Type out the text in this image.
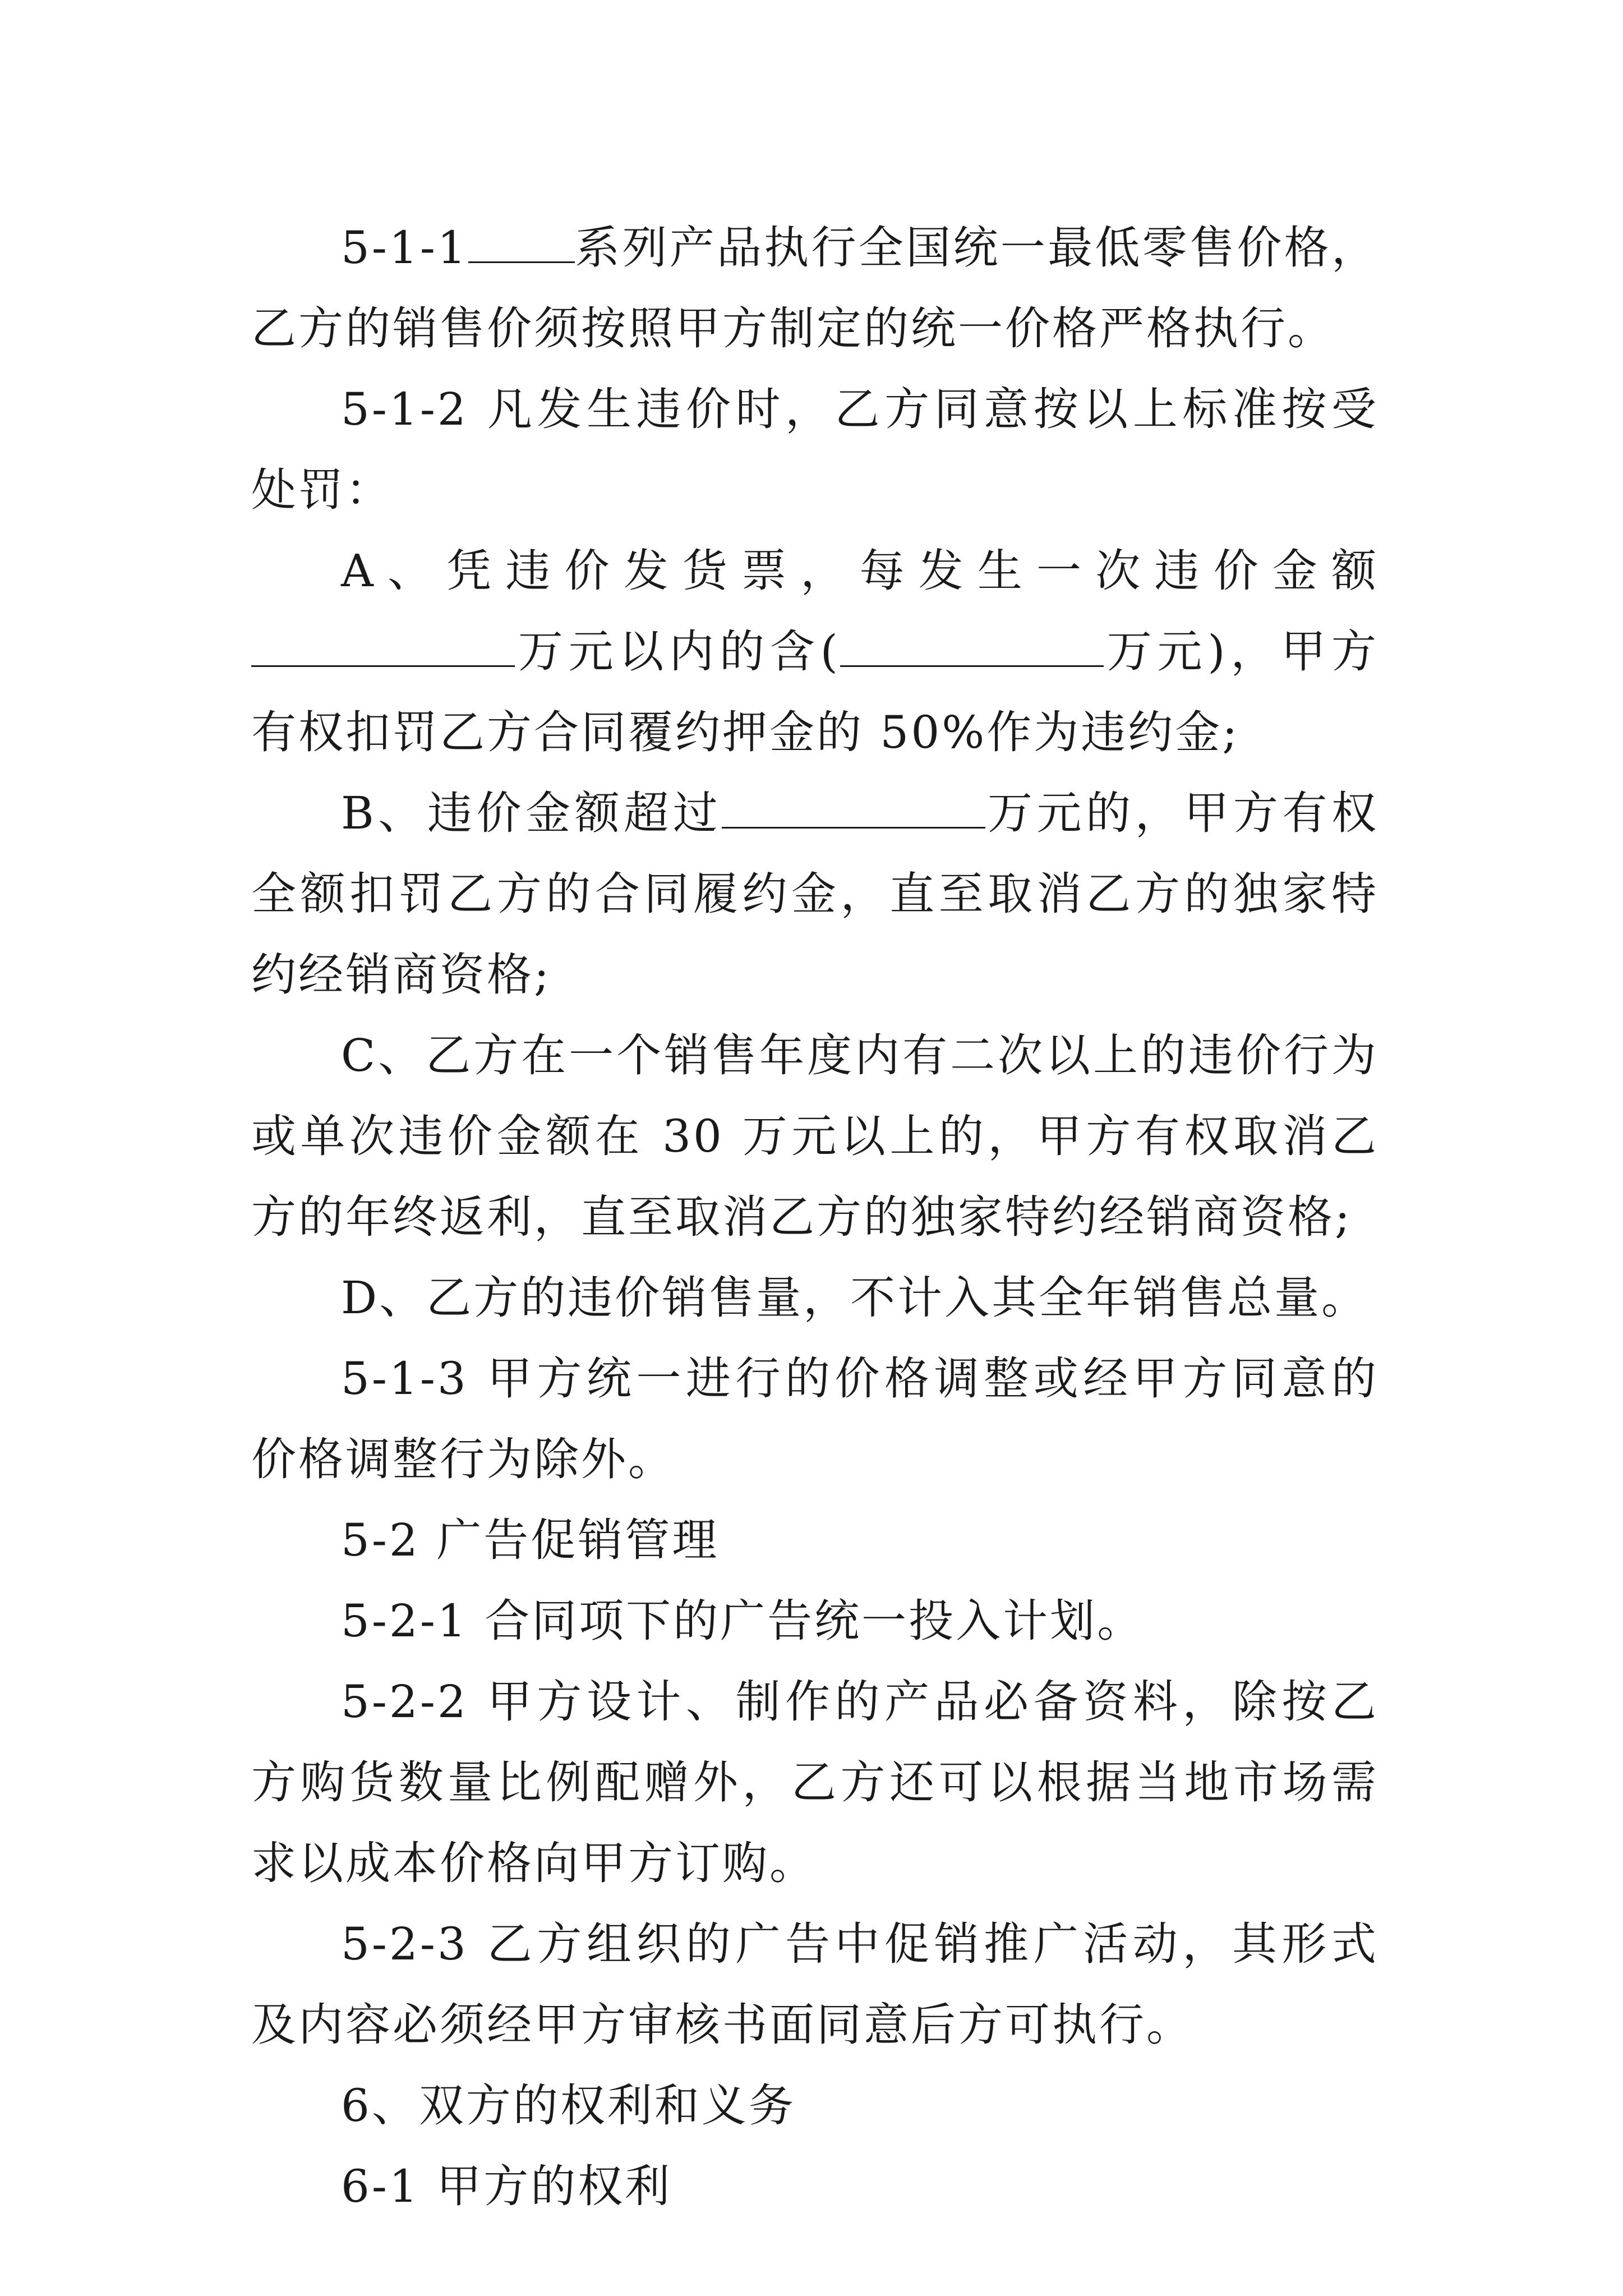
5-1-1 系列产品执行全国统一最低零售价格，乙方的销售价须按照甲方制定的统一价格严格执行。

5-1-2 凡发生违价时，乙方同意按以上标准按受处罚：

A、凭违价发货票，每发生一次违价金额万元以内的含(	万元)，甲方有权扣罚乙方合同覆约押金的 50%作为违约金;

B、违价金额超过	万元的，甲方有权全额扣罚乙方的合同履约金，直至取消乙方的独家特约经销商资格;

C、乙方在一个销售年度内有二次以上的违价行为或单次违价金额在 30 万元以上的，甲方有权取消乙方的年终返利，直至取消乙方的独家特约经销商资格;

D、乙方的违价销售量，不计入其全年销售总量。

5-1-3 甲方统一进行的价格调整或经甲方同意的价格调整行为除外。

5-2 广告促销管理

5-2-1 合同项下的广告统一投入计划。

5-2-2 甲方设计、制作的产品必备资料，除按乙方购货数量比例配赠外，乙方还可以根据当地市场需求以成本价格向甲方订购。

5-2-3 乙方组织的广告中促销推广活动，其形式及内容必须经甲方审核书面同意后方可执行。

6、双方的权利和义务

6-1 甲方的权利
